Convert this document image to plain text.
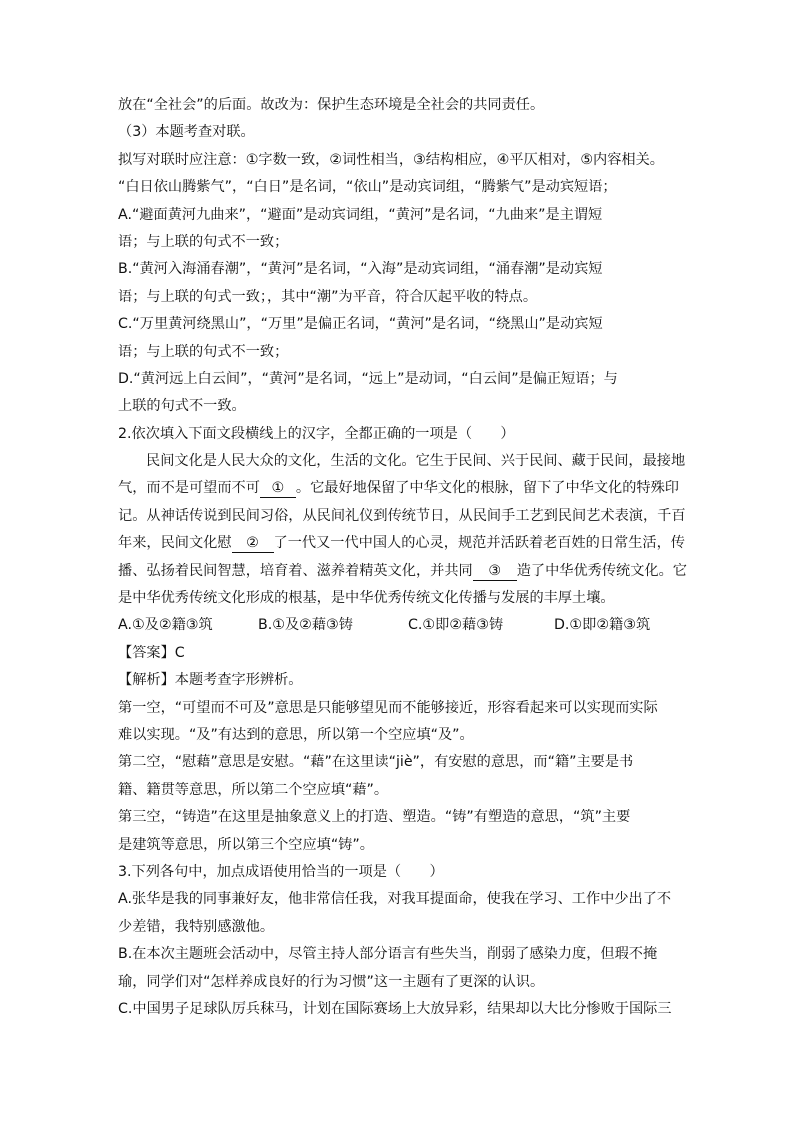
放在“全社会”的后面。故改为：保护生态环境是全社会的共同责任。
（3）本题考查对联。
拟写对联时应注意：①字数一致，②词性相当，③结构相应，④平仄相对，⑤内容相关。
“白日依山腾紫气”，“白日”是名词，“依山”是动宾词组，“腾紫气”是动宾短语；
A.“避面黄河九曲来”，“避面”是动宾词组，“黄河”是名词，“九曲来”是主谓短
语；与上联的句式不一致；
B.“黄河入海涌春潮”，“黄河”是名词，“入海”是动宾词组，“涌春潮”是动宾短
语；与上联的句式一致；，其中“潮”为平音，符合仄起平收的特点。
C.“万里黄河绕黑山”，“万里”是偏正名词，“黄河”是名词，“绕黑山”是动宾短
语；与上联的句式不一致；
D.“黄河远上白云间”，“黄河”是名词，“远上”是动词，“白云间”是偏正短语；与
上联的句式不一致。
2.依次填入下面文段横线上的汉字，全都正确的一项是（　　）
民间文化是人民大众的文化，生活的文化。它生于民间、兴于民间、藏于民间，最接地
气，而不是可望而不可 ① 。它最好地保留了中华文化的根脉，留下了中华文化的特殊印
记。从神话传说到民间习俗，从民间礼仪到传统节日，从民间手工艺到民间艺术表演，千百
年来，民间文化慰 ② 了一代又一代中国人的心灵，规范并活跃着老百姓的日常生活，传
播、弘扬着民间智慧，培育着、滋养着精英文化，并共同 ③ 造了中华优秀传统文化。它
是中华优秀传统文化形成的根基，是中华优秀传统文化传播与发展的丰厚土壤。
A.①及②籍③筑	B.①及②藉③铸	C.①即②藉③铸	D.①即②籍③筑
【答案】C
【解析】本题考查字形辨析。
第一空，“可望而不可及”意思是只能够望见而不能够接近，形容看起来可以实现而实际
难以实现。“及”有达到的意思，所以第一个空应填“及”。
第二空，“慰藉”意思是安慰。“藉”在这里读“jiè”，有安慰的意思，而“籍”主要是书
籍、籍贯等意思，所以第二个空应填“藉”。
第三空，“铸造”在这里是抽象意义上的打造、塑造。“铸”有塑造的意思，“筑”主要
是建筑等意思，所以第三个空应填“铸”。
3.下列各句中，加点成语使用恰当的一项是（　　）
A.张华是我的同事兼好友，他非常信任我，对我耳提面命，使我在学习、工作中少出了不
少差错，我特别感激他。
B.在本次主题班会活动中，尽管主持人部分语言有些失当，削弱了感染力度，但瑕不掩
瑜，同学们对“怎样养成良好的行为习惯”这一主题有了更深的认识。
C.中国男子足球队厉兵秣马，计划在国际赛场上大放异彩，结果却以大比分惨败于国际三
